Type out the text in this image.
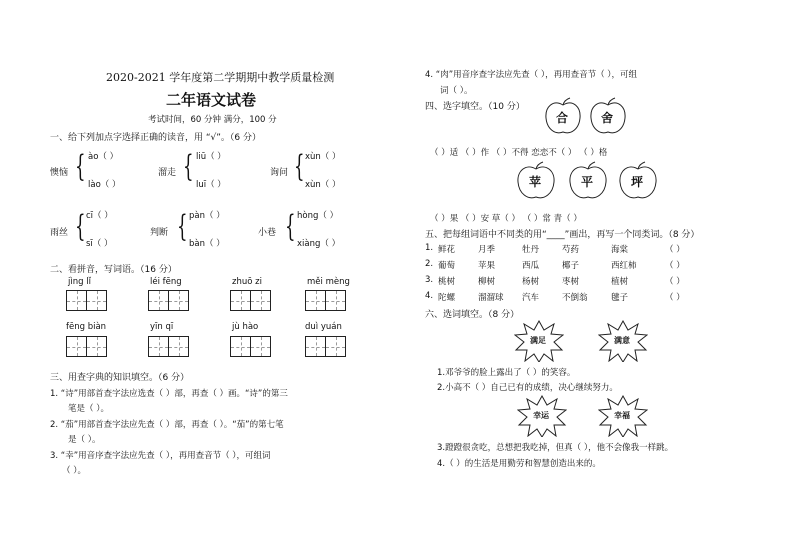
2020-2021 学年度第二学期期中教学质量检测
二年语文试卷
考试时间，60 分钟 满分，100 分
一、给下列加点字选择正确的读音，用 “√”。（6 分）
懊恼 { ào（ ）
lào（ ）
溜走 { liū（ ）
luī（ ）
询问 { xùn（ ）
xùn（ ）
雨丝 { cī（ ）
sī（ ）
判断 { pàn（ ）
bàn（ ）
小巷 { hòng（ ）
xiàng（ ）
二、看拼音，写词语。（16 分）
jìng lǐ	léi fēng	zhuō zi	měi mèng
fēng biàn	yīn qī	jù hào	duì yuán
三、用查字典的知识填空。（6 分）
1. “诗”用部首查字法应选查（ ）部，再查（ ）画。“诗”的第三
笔是（ ）。
2. “茄”用部首查字法应先查（ ）部，再查（ ）。“茄”的第七笔
是（ ）。
3. “幸”用音序查字法应先查（ ），再用查音节（ ），可组词
（ ）。
4. “肉”用音序查字法应先查（ ），再用查音节（ ），可组
词（ ）。
四、选字填空。（10 分）
合	舍
（ ）适 （ ）作 （ ）不得 恋恋不（ ） （ ）格
苹	平	坪
（ ）果 （ ）安 草（ ） （ ）常 青（ ）
五、把每组词语中不同类的用“____”画出，再写一个同类词。（8 分）
1. 鲜花	月季	牡丹	芍药	海棠	（ ）
2. 葡萄	苹果	西瓜	椰子	西红柿	（ ）
3. 桃树	柳树	杨树	枣树	植树	（ ）
4. 陀螺	溜溜球 汽车	不倒翁	毽子	（ ）
六、选词填空。（8 分）
满足	满意
1.邓爷爷的脸上露出了（ ）的笑容。
2.小高不（ ）自己已有的成绩，决心继续努力。
幸运	幸福
3.蹬蹬很贪吃，总想把我吃掉，但真（ ），他不会像我一样跳。
4.（ ）的生活是用勤劳和智慧创造出来的。
